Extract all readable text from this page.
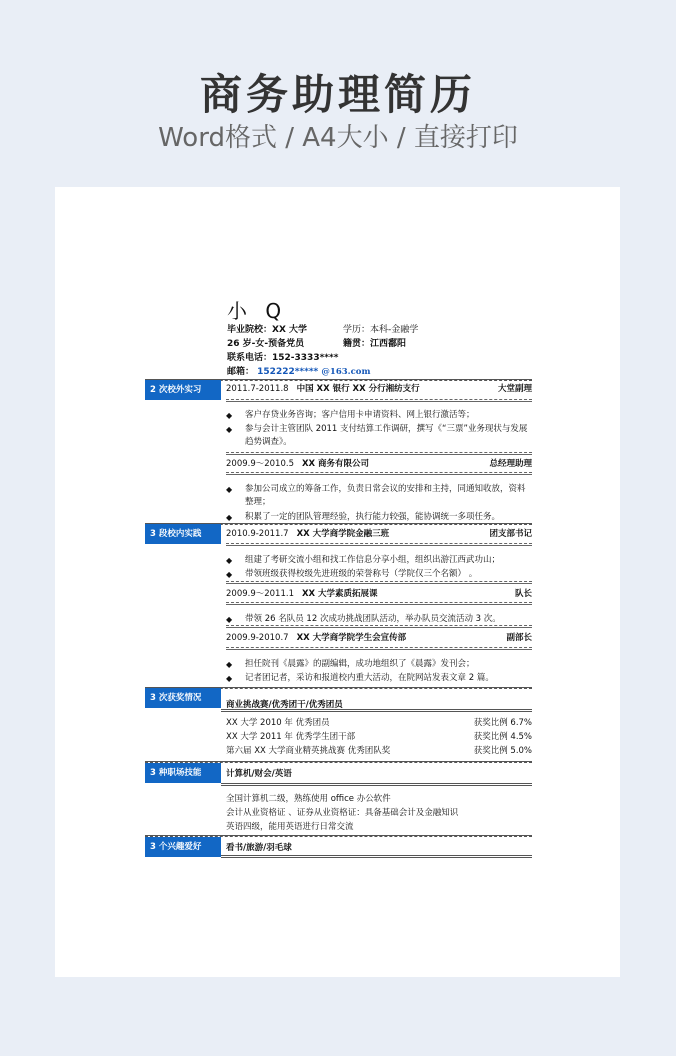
商务助理简历
Word格式 / A4大小 / 直接打印
小 Q
毕业院校：XX 大学	学历：本科-金融学
26 岁-女-预备党员	籍贯：江西鄱阳
联系电话：152-3333****
邮箱： 152222***** @163.com
2 次校外实习	2011.7-2011.8 中国 XX 银行 XX 分行湘纺支行	大堂副理
◆ 客户存贷业务咨询；客户信用卡申请资料、网上银行激活等；
◆ 参与会计主管团队 2011 支付结算工作调研，撰写《“三票”业务现状与发展趋势调查》。
2009.9～2010.5 XX 商务有限公司	总经理助理
◆ 参加公司成立的筹备工作，负责日常会议的安排和主持，同通知收放，资料整理；
◆ 积累了一定的团队管理经验，执行能力较强，能协调统一多项任务。
3 段校内实践	2010.9-2011.7 XX 大学商学院金融三班	团支部书记
◆ 组建了考研交流小组和找工作信息分享小组，组织出游江西武功山；
◆ 带领班级获得校级先进班级的荣誉称号（学院仅三个名额） 。
2009.9～2011.1 XX 大学素质拓展课	队长
◆ 带领 26 名队员 12 次成功挑战团队活动，举办队员交流活动 3 次。
2009.9-2010.7 XX 大学商学院学生会宣传部	副部长
◆ 担任院刊《晨露》的副编辑，成功地组织了《晨露》发刊会；
◆ 记者团记者，采访和报道校内重大活动，在院网站发表文章 2 篇。
3 次获奖情况
商业挑战赛/优秀团干/优秀团员
XX 大学 2010 年 优秀团员	获奖比例 6.7%
XX 大学 2011 年 优秀学生团干部	获奖比例 4.5%
第六届 XX 大学商业精英挑战赛 优秀团队奖	获奖比例 5.0%
3 种职场技能	计算机/财会/英语
全国计算机二级，熟练使用 office 办公软件
会计从业资格证 、证券从业资格证：具备基础会计及金融知识
英语四级，能用英语进行日常交流
3 个兴趣爱好	看书/旅游/羽毛球
